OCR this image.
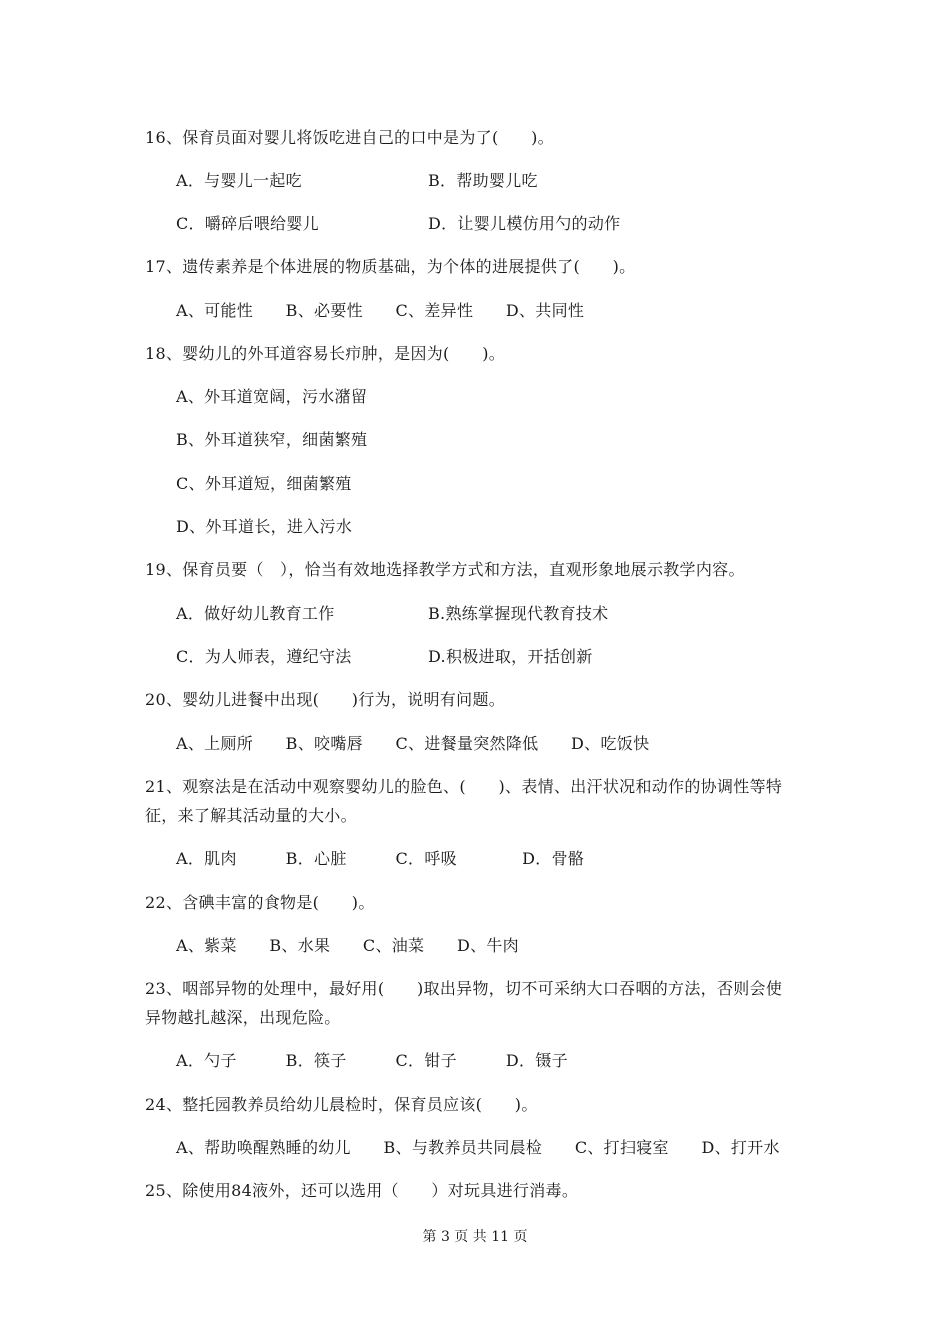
16、保育员面对婴儿将饭吃进自己的口中是为了(　　)。
A．与婴儿一起吃	B．帮助婴儿吃
C．嚼碎后喂给婴儿	D．让婴儿模仿用勺的动作
17、遗传素养是个体进展的物质基础，为个体的进展提供了(　　)。
A、可能性　　B、必要性　　C、差异性　　D、共同性
18、婴幼儿的外耳道容易长疖肿，是因为(　　)。
A、外耳道宽阔，污水潴留
B、外耳道狭窄，细菌繁殖
C、外耳道短，细菌繁殖
D、外耳道长，进入污水
19、保育员要（　），恰当有效地选择教学方式和方法，直观形象地展示教学内容。
A．做好幼儿教育工作	B.熟练掌握现代教育技术
C．为人师表，遵纪守法	D.积极进取，开括创新
20、婴幼儿进餐中出现(　　)行为，说明有问题。
A、上厕所　　B、咬嘴唇　　C、进餐量突然降低　　D、吃饭快
21、观察法是在活动中观察婴幼儿的脸色、(　　)、表情、出汗状况和动作的协调性等特
征，来了解其活动量的大小。
A．肌肉　　　B．心脏　　　C．呼吸　　　　D．骨骼
22、含碘丰富的食物是(　　)。
A、紫菜　　B、水果　　C、油菜　　D、牛肉
23、咽部异物的处理中，最好用(　　)取出异物，切不可采纳大口吞咽的方法，否则会使
异物越扎越深，出现危险。
A．勺子　　　B．筷子　　　C．钳子　　　D．镊子
24、整托园教养员给幼儿晨检时，保育员应该(　　)。
A、帮助唤醒熟睡的幼儿　　B、与教养员共同晨检　　C、打扫寝室　　D、打开水
25、除使用84液外，还可以选用（　　）对玩具进行消毒。
第 3 页 共 11 页
